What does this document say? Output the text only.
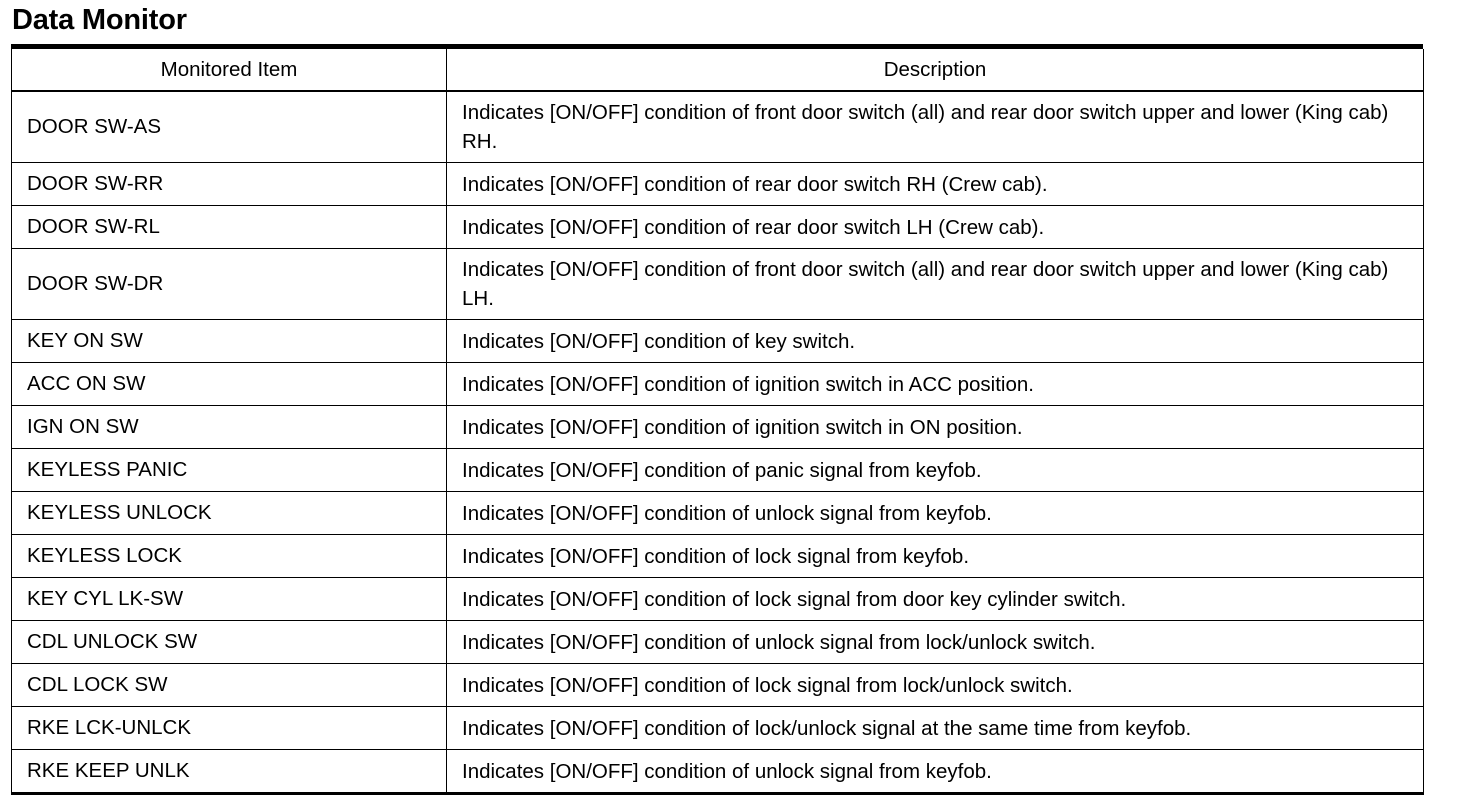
Data Monitor
Monitored Item	Description
DOOR SW-AS	Indicates [ON/OFF] condition of front door switch (all) and rear door switch upper and lower (King cab) RH.
DOOR SW-RR	Indicates [ON/OFF] condition of rear door switch RH (Crew cab).
DOOR SW-RL	Indicates [ON/OFF] condition of rear door switch LH (Crew cab).
DOOR SW-DR	Indicates [ON/OFF] condition of front door switch (all) and rear door switch upper and lower (King cab) LH.
KEY ON SW	Indicates [ON/OFF] condition of key switch.
ACC ON SW	Indicates [ON/OFF] condition of ignition switch in ACC position.
IGN ON SW	Indicates [ON/OFF] condition of ignition switch in ON position.
KEYLESS PANIC	Indicates [ON/OFF] condition of panic signal from keyfob.
KEYLESS UNLOCK	Indicates [ON/OFF] condition of unlock signal from keyfob.
KEYLESS LOCK	Indicates [ON/OFF] condition of lock signal from keyfob.
KEY CYL LK-SW	Indicates [ON/OFF] condition of lock signal from door key cylinder switch.
CDL UNLOCK SW	Indicates [ON/OFF] condition of unlock signal from lock/unlock switch.
CDL LOCK SW	Indicates [ON/OFF] condition of lock signal from lock/unlock switch.
RKE LCK-UNLCK	Indicates [ON/OFF] condition of lock/unlock signal at the same time from keyfob.
RKE KEEP UNLK	Indicates [ON/OFF] condition of unlock signal from keyfob.
